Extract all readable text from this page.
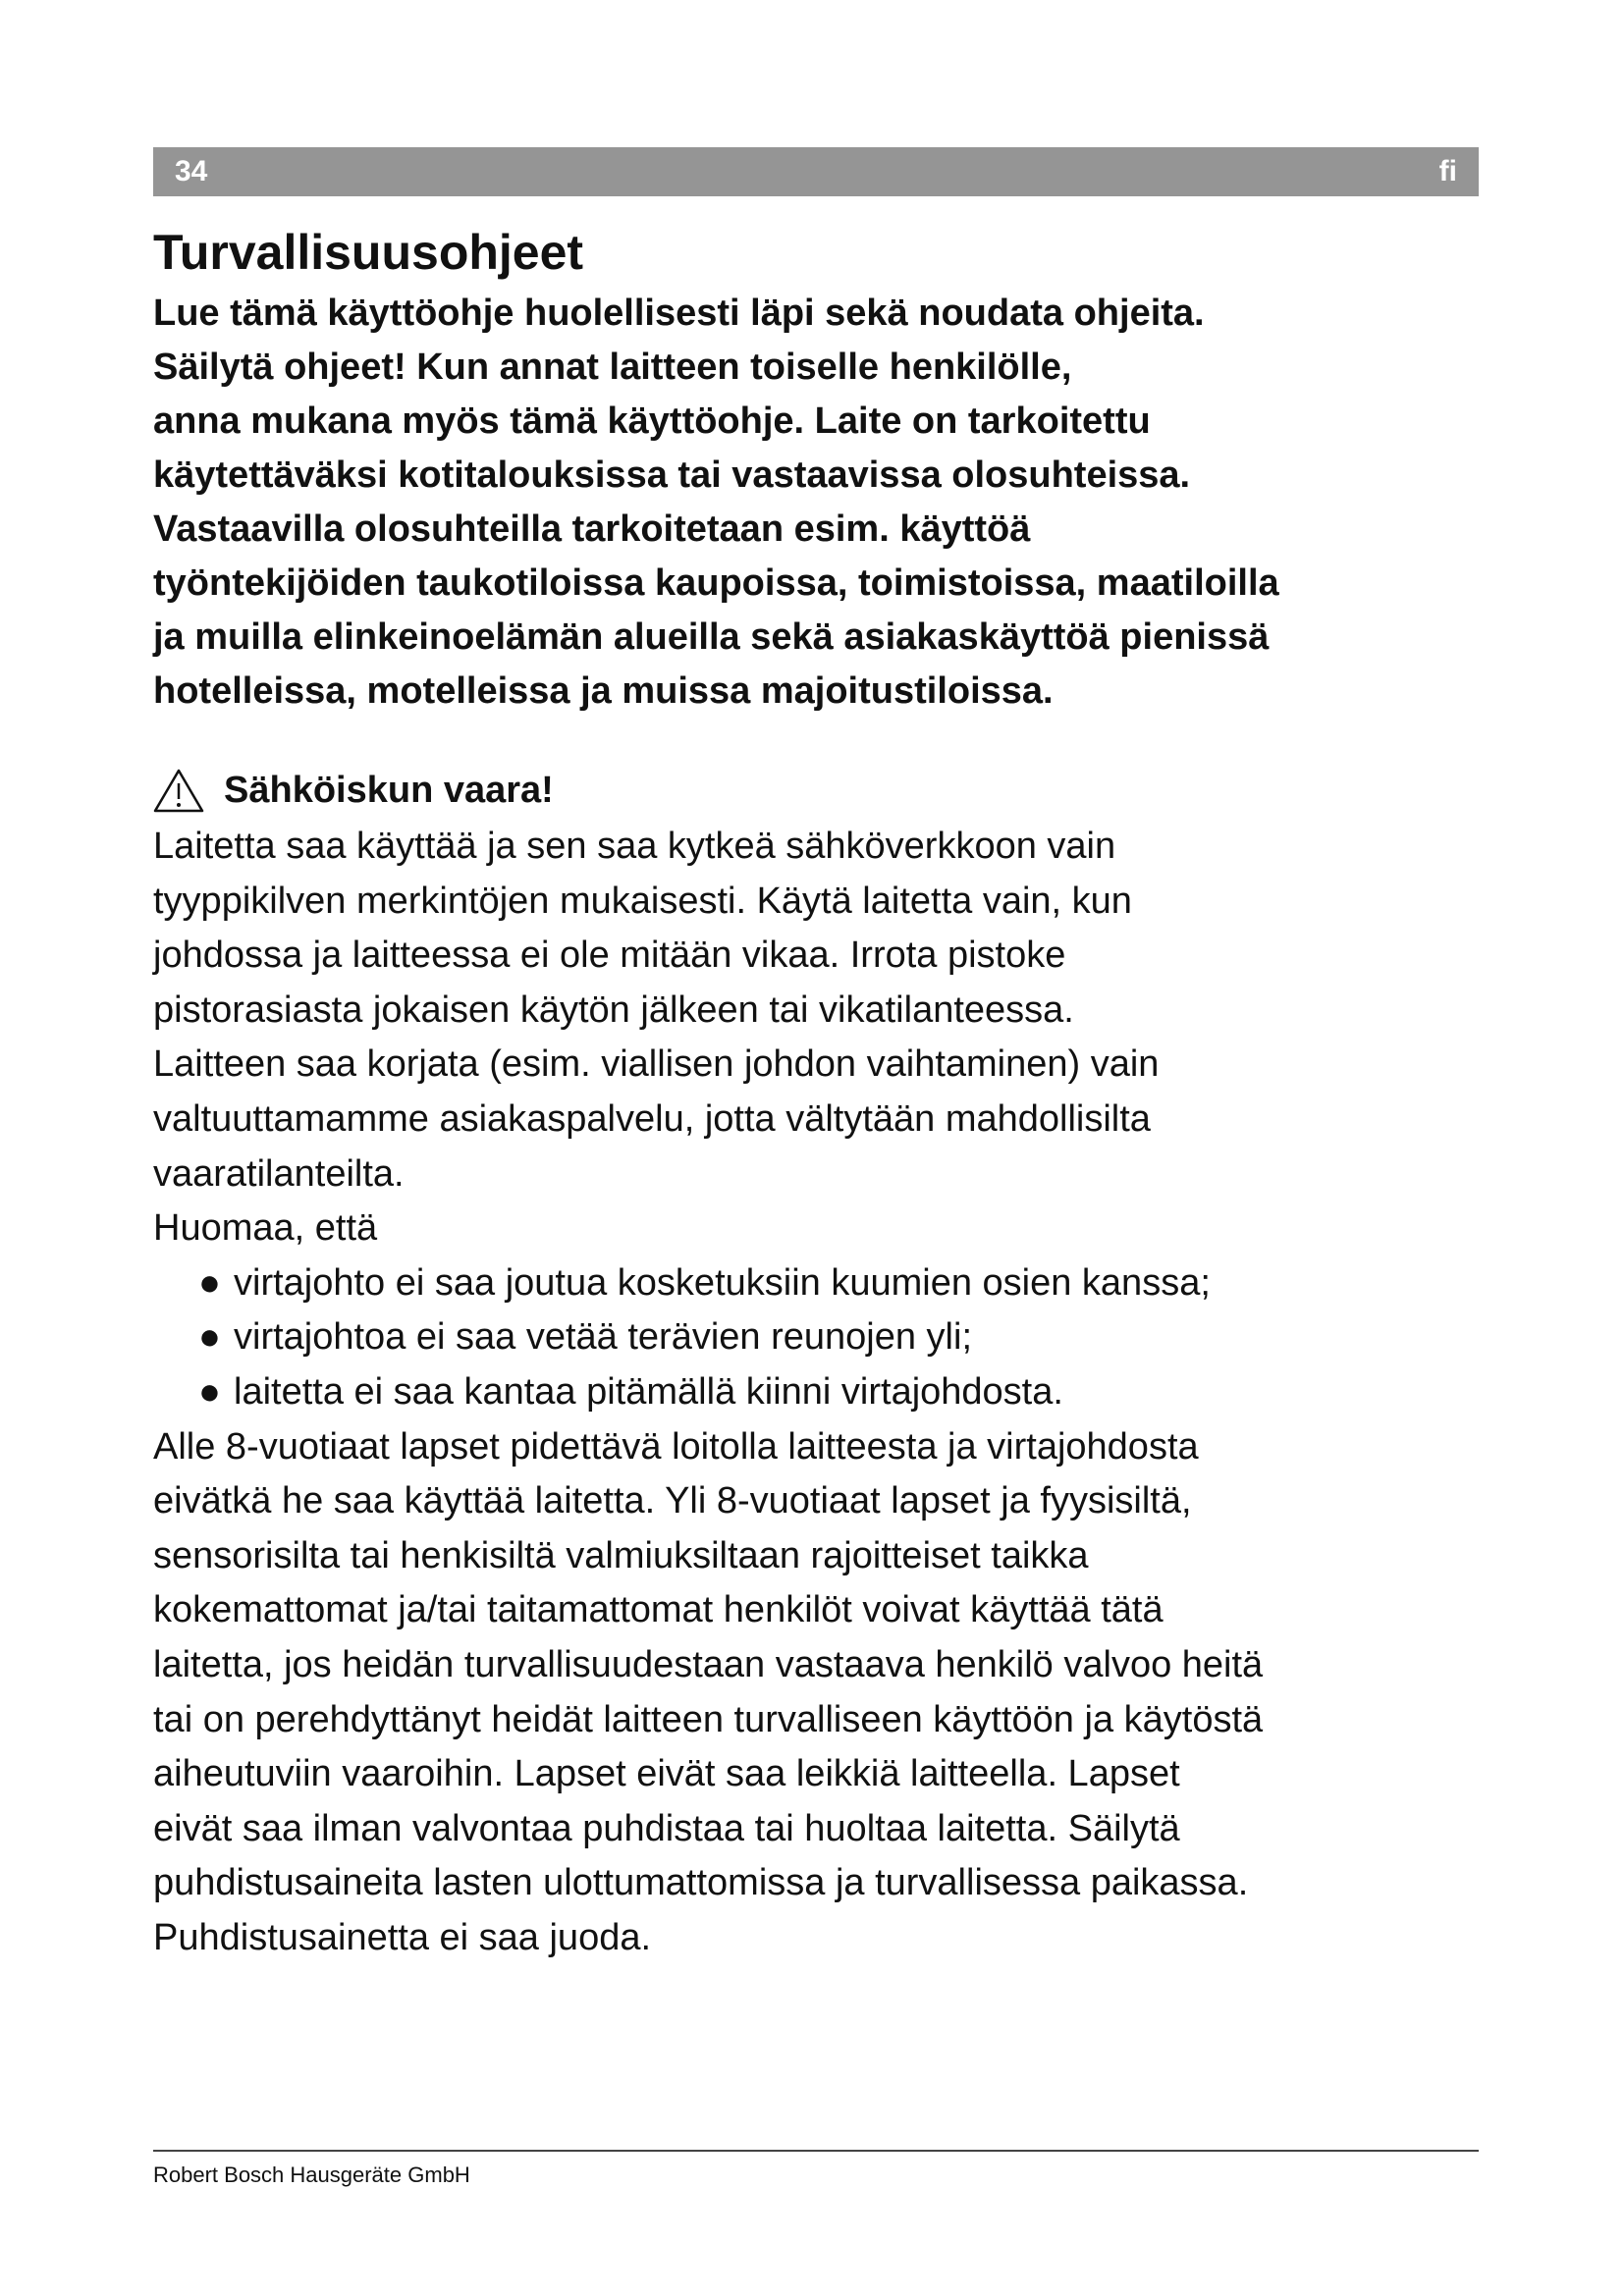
34	fi
Turvallisuusohjeet

Lue tämä käyttöohje huolellisesti läpi sekä noudata ohjeita.
Säilytä ohjeet! Kun annat laitteen toiselle henkilölle,
anna mukana myös tämä käyttöohje. Laite on tarkoitettu
käytettäväksi kotitalouksissa tai vastaavissa olosuhteissa.
Vastaavilla olosuhteilla tarkoitetaan esim. käyttöä
työntekijöiden taukotiloissa kaupoissa, toimistoissa, maatiloilla
ja muilla elinkeinoelämän alueilla sekä asiakaskäyttöä pienissä
hotelleissa, motelleissa ja muissa majoitustiloissa.

Sähköiskun vaara!

Laitetta saa käyttää ja sen saa kytkeä sähköverkkoon vain
tyyppikilven merkintöjen mukaisesti. Käytä laitetta vain, kun
johdossa ja laitteessa ei ole mitään vikaa. Irrota pistoke
pistorasiasta jokaisen käytön jälkeen tai vikatilanteessa.
Laitteen saa korjata (esim. viallisen johdon vaihtaminen) vain
valtuuttamamme asiakaspalvelu, jotta vältytään mahdollisilta
vaaratilanteilta.
Huomaa, että

● virtajohto ei saa joutua kosketuksiin kuumien osien kanssa;
● virtajohtoa ei saa vetää terävien reunojen yli;
● laitetta ei saa kantaa pitämällä kiinni virtajohdosta.

Alle 8-vuotiaat lapset pidettävä loitolla laitteesta ja virtajohdosta
eivätkä he saa käyttää laitetta. Yli 8-vuotiaat lapset ja fyysisiltä,
sensorisilta tai henkisiltä valmiuksiltaan rajoitteiset taikka
kokemattomat ja/tai taitamattomat henkilöt voivat käyttää tätä
laitetta, jos heidän turvallisuudestaan vastaava henkilö valvoo heitä
tai on perehdyttänyt heidät laitteen turvalliseen käyttöön ja käytöstä
aiheutuviin vaaroihin. Lapset eivät saa leikkiä laitteella. Lapset
eivät saa ilman valvontaa puhdistaa tai huoltaa laitetta. Säilytä
puhdistusaineita lasten ulottumattomissa ja turvallisessa paikassa.
Puhdistusainetta ei saa juoda.

Robert Bosch Hausgeräte GmbH
